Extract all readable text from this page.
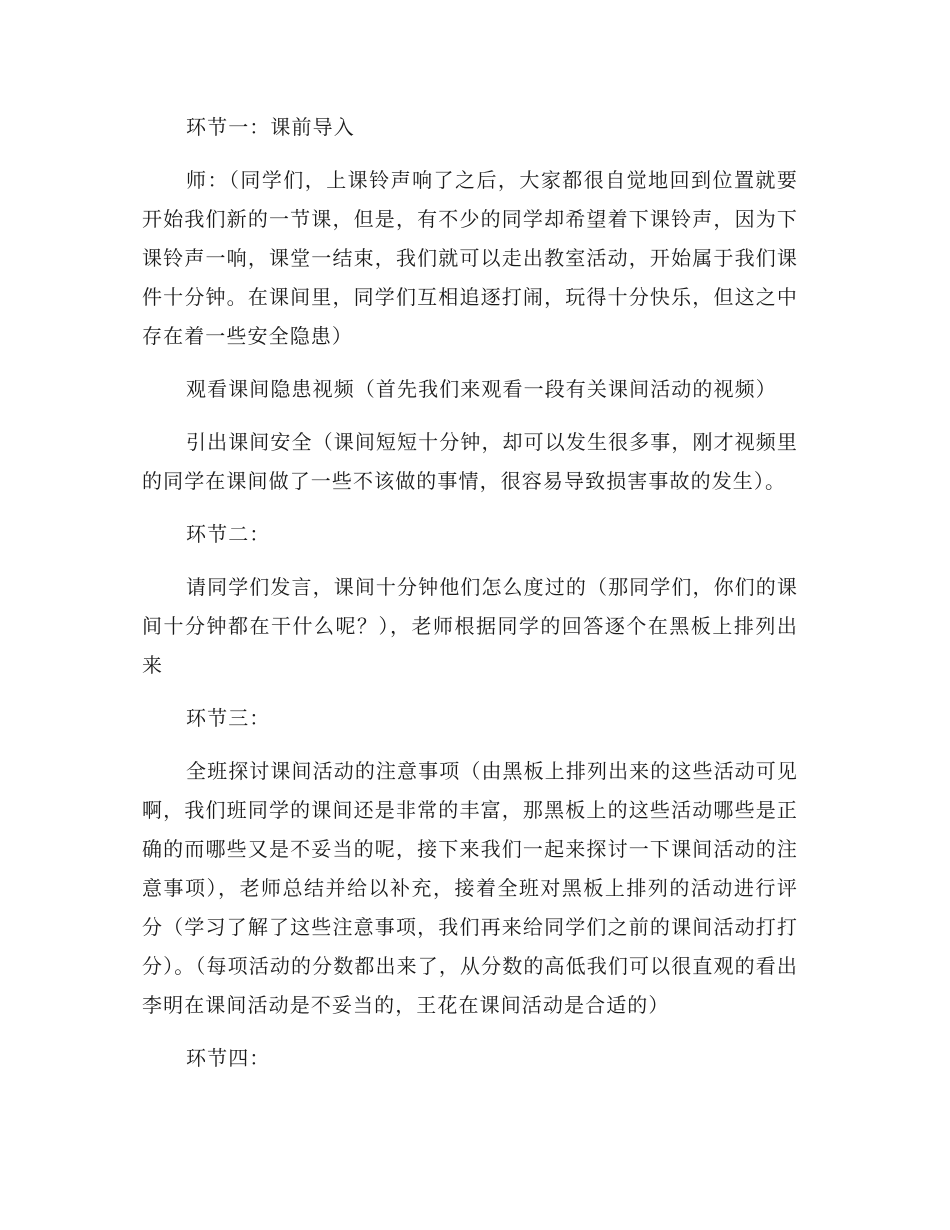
环节一：课前导入

师：（同学们，上课铃声响了之后，大家都很自觉地回到位置就要开始我们新的一节课，但是，有不少的同学却希望着下课铃声，因为下课铃声一响，课堂一结束，我们就可以走出教室活动，开始属于我们课件十分钟。在课间里，同学们互相追逐打闹，玩得十分快乐，但这之中存在着一些安全隐患）

观看课间隐患视频（首先我们来观看一段有关课间活动的视频）

引出课间安全（课间短短十分钟，却可以发生很多事，刚才视频里的同学在课间做了一些不该做的事情，很容易导致损害事故的发生）。

环节二：

请同学们发言，课间十分钟他们怎么度过的（那同学们，你们的课间十分钟都在干什么呢？），老师根据同学的回答逐个在黑板上排列出来

环节三：

全班探讨课间活动的注意事项（由黑板上排列出来的这些活动可见啊，我们班同学的课间还是非常的丰富，那黑板上的这些活动哪些是正确的而哪些又是不妥当的呢，接下来我们一起来探讨一下课间活动的注意事项），老师总结并给以补充，接着全班对黑板上排列的活动进行评分（学习了解了这些注意事项，我们再来给同学们之前的课间活动打打分）。（每项活动的分数都出来了，从分数的高低我们可以很直观的看出李明在课间活动是不妥当的，王花在课间活动是合适的）

环节四：
